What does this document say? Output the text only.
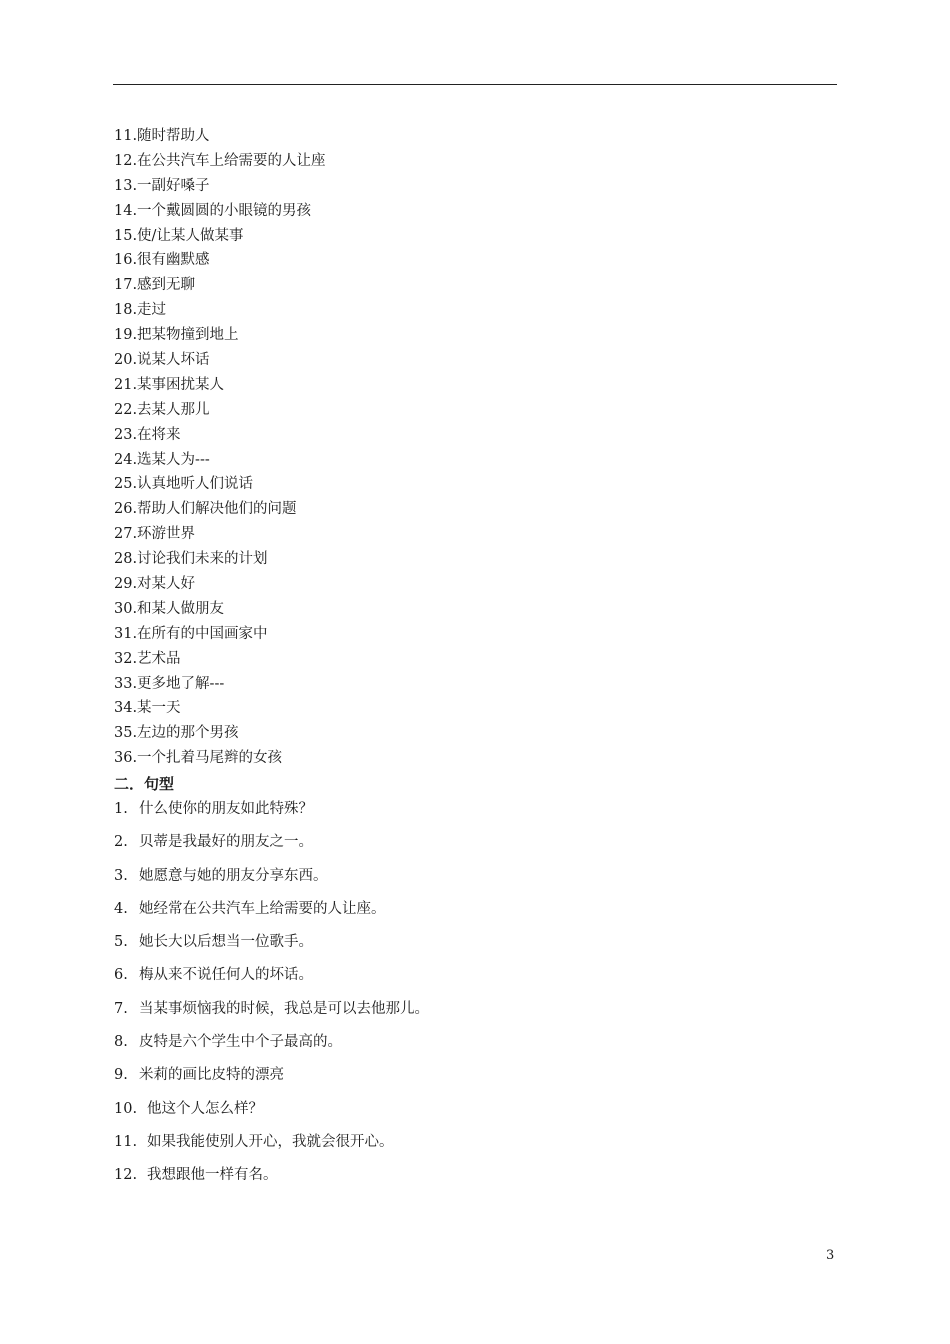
11.随时帮助人
12.在公共汽车上给需要的人让座
13.一副好嗓子
14.一个戴圆圆的小眼镜的男孩
15.使/让某人做某事
16.很有幽默感
17.感到无聊
18.走过
19.把某物撞到地上
20.说某人坏话
21.某事困扰某人
22.去某人那儿
23.在将来
24.选某人为---
25.认真地听人们说话
26.帮助人们解决他们的问题
27.环游世界
28.讨论我们未来的计划
29.对某人好
30.和某人做朋友
31.在所有的中国画家中
32.艺术品
33.更多地了解---
34.某一天
35.左边的那个男孩
36.一个扎着马尾辫的女孩
二．句型
1. 什么使你的朋友如此特殊？
2. 贝蒂是我最好的朋友之一。
3. 她愿意与她的朋友分享东西。
4. 她经常在公共汽车上给需要的人让座。
5. 她长大以后想当一位歌手。
6. 梅从来不说任何人的坏话。
7. 当某事烦恼我的时候，我总是可以去他那儿。
8. 皮特是六个学生中个子最高的。
9. 米莉的画比皮特的漂亮
10. 他这个人怎么样？
11. 如果我能使别人开心，我就会很开心。
12. 我想跟他一样有名。
3
